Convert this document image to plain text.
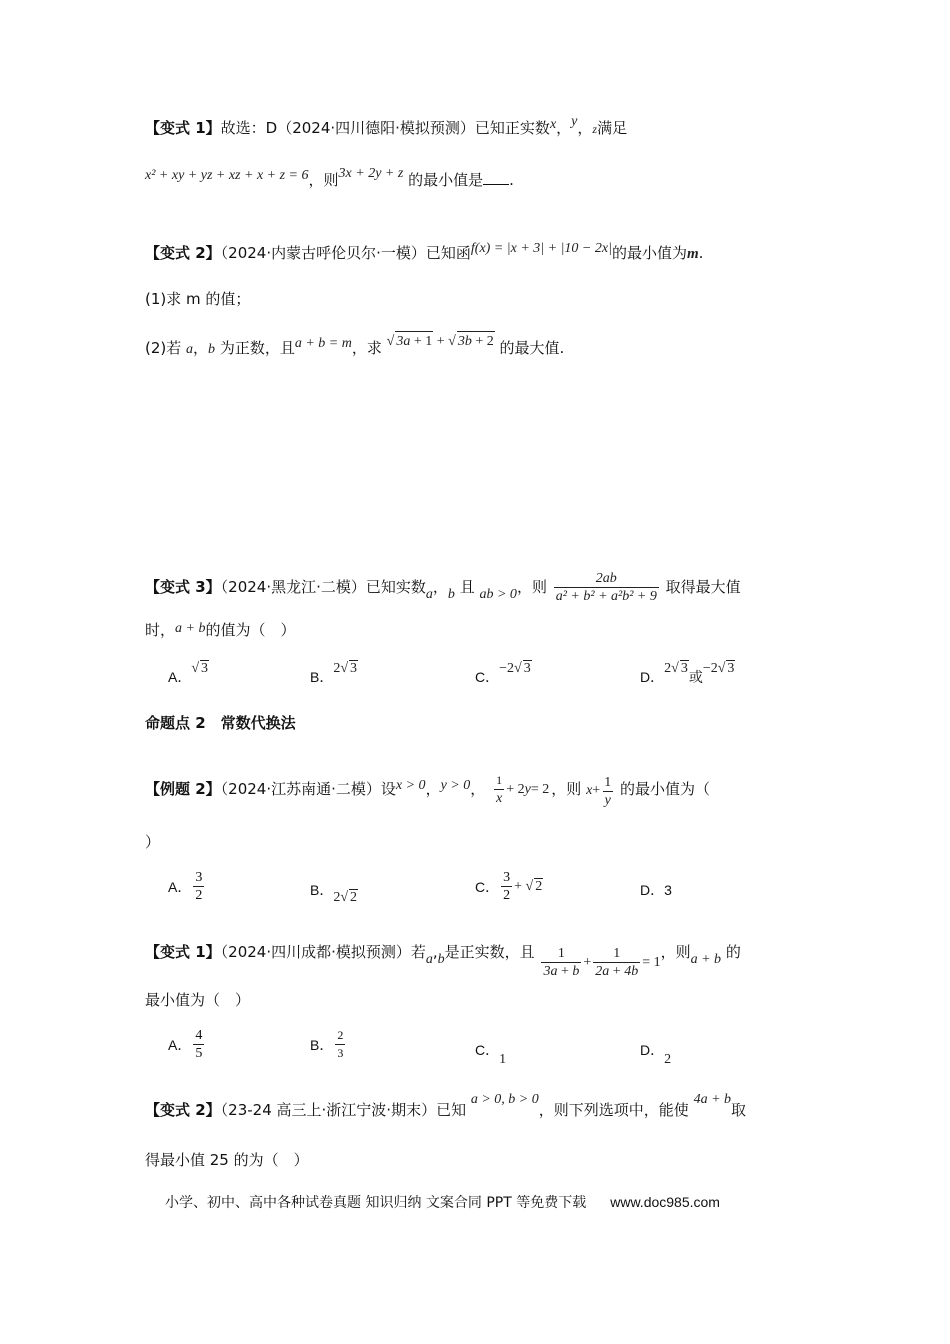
【变式 1】故选：D（2024·四川德阳·模拟预测）已知正实数x，y，z满足
x² + xy + yz + xz + x + z = 6，则3x + 2y + z 的最小值是 .
【变式 2】（2024·内蒙古呼伦贝尔·一模）已知函f(x) = |x + 3| + |10 − 2x|的最小值为m.
(1)求 m 的值；
(2)若 a，b 为正数，且a + b = m，求 √ 3a + 1 + √ 3b + 2 的最大值.
【变式 3】（2024·黑龙江·二模）已知实数a，b 且 ab > 0，则 $\frac{2ab}{\text{a² + b² + a²b² + 9}}$ 取得最大值
时，a + b的值为（　）
A．√ 3
B．2√ 3
C．−2√ 3
D．2√ 3或−2√ 3
命题点 2　常数代换法
【例题 2】（2024·江苏南通·二模）设x > 0，y > 0， $\frac{1}{x} + 2$ y = 2 ，则 $x + \frac{1}{y}$ 的最小值为（
）
A． $\frac{3}{2}$	B．2√ 2
C． $\frac{3}{2}$ + √ 2	D．3
【变式 1】（2024·四川成都·模拟预测）若a,b是正实数，且 $\frac{1}{3a + b} + \frac{1}{2a + 4b} = 1$，则a + b 的
最小值为（　）
A． $\frac{4}{5}$	B． $\frac{2}{3}$	C．1
D．2
【变式 2】（23-24 高三上·浙江宁波·期末）已知 a > 0, b > 0，则下列选项中，能使 4a + b取
得最小值 25 的为（　）
小学、初中、高中各种试卷真题 知识归纳 文案合同 PPT 等免费下载 www.doc985.com
